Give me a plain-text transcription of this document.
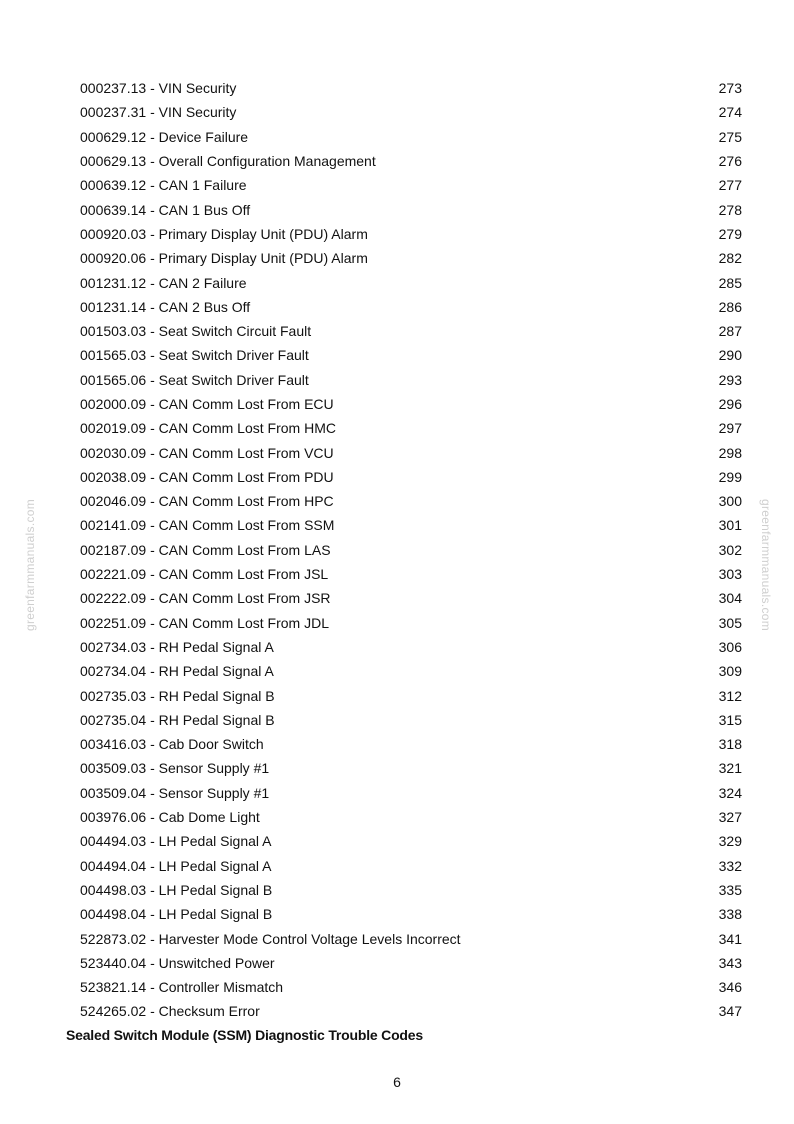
000237.13 - VIN Security	273
000237.31 - VIN Security	274
000629.12 - Device Failure	275
000629.13 - Overall Configuration Management	276
000639.12 - CAN 1 Failure	277
000639.14 - CAN 1 Bus Off	278
000920.03 - Primary Display Unit (PDU) Alarm	279
000920.06 - Primary Display Unit (PDU) Alarm	282
001231.12 - CAN 2 Failure	285
001231.14 - CAN 2 Bus Off	286
001503.03 - Seat Switch Circuit Fault	287
001565.03 - Seat Switch Driver Fault	290
001565.06 - Seat Switch Driver Fault	293
002000.09 - CAN Comm Lost From ECU	296
002019.09 - CAN Comm Lost From HMC	297
002030.09 - CAN Comm Lost From VCU	298
002038.09 - CAN Comm Lost From PDU	299
002046.09 - CAN Comm Lost From HPC	300
002141.09 - CAN Comm Lost From SSM	301
002187.09 - CAN Comm Lost From LAS	302
002221.09 - CAN Comm Lost From JSL	303
002222.09 - CAN Comm Lost From JSR	304
002251.09 - CAN Comm Lost From JDL	305
002734.03 - RH Pedal Signal A	306
002734.04 - RH Pedal Signal A	309
002735.03 - RH Pedal Signal B	312
002735.04 - RH Pedal Signal B	315
003416.03 - Cab Door Switch	318
003509.03 - Sensor Supply #1	321
003509.04 - Sensor Supply #1	324
003976.06 - Cab Dome Light	327
004494.03 - LH Pedal Signal A	329
004494.04 - LH Pedal Signal A	332
004498.03 - LH Pedal Signal B	335
004498.04 - LH Pedal Signal B	338
522873.02 - Harvester Mode Control Voltage Levels Incorrect	341
523440.04 - Unswitched Power	343
523821.14 - Controller Mismatch	346
524265.02 - Checksum Error	347
Sealed Switch Module (SSM) Diagnostic Trouble Codes
6
greenfarmmanuals.com	greenfarmmanuals.com
